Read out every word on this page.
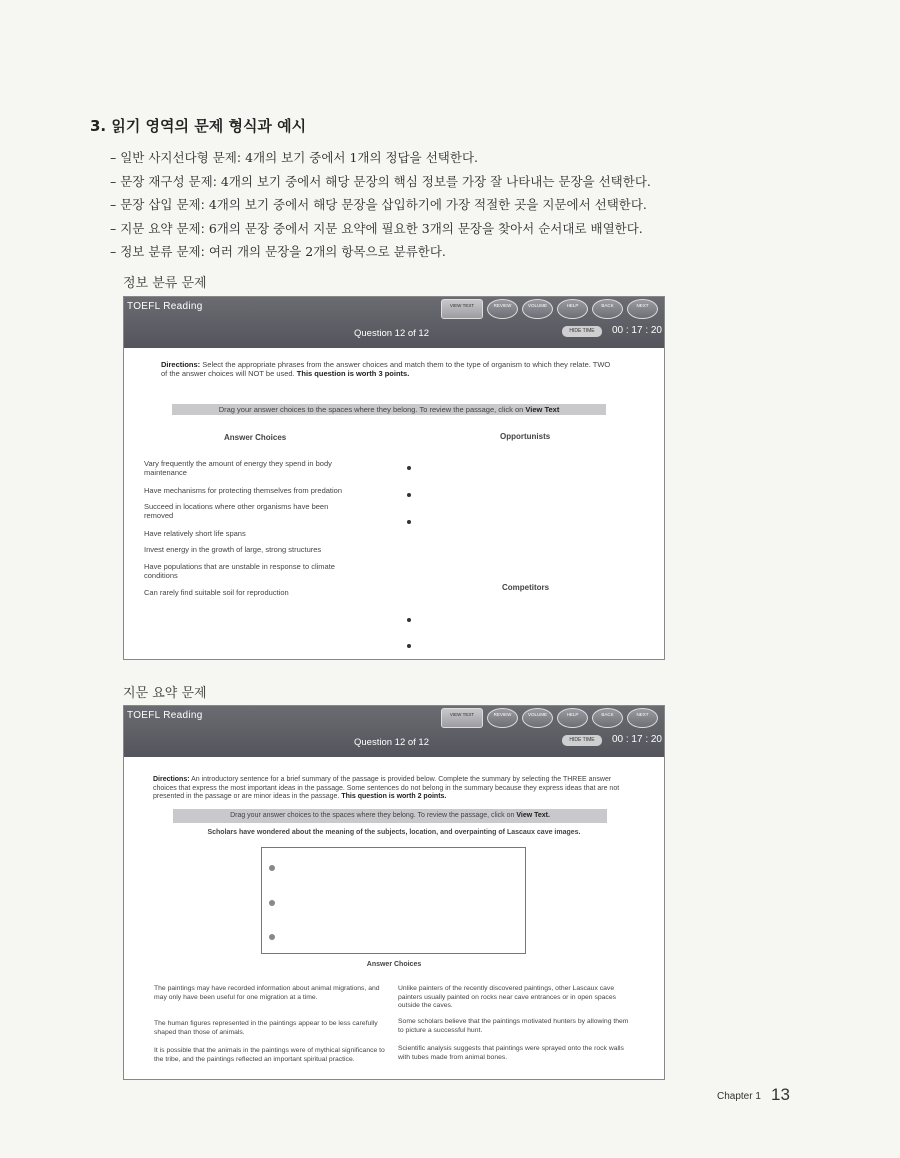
3. 읽기 영역의 문제 형식과 예시
– 일반 사지선다형 문제: 4개의 보기 중에서 1개의 정답을 선택한다.
– 문장 재구성 문제: 4개의 보기 중에서 해당 문장의 핵심 정보를 가장 잘 나타내는 문장을 선택한다.
– 문장 삽입 문제: 4개의 보기 중에서 해당 문장을 삽입하기에 가장 적절한 곳을 지문에서 선택한다.
– 지문 요약 문제: 6개의 문장 중에서 지문 요약에 필요한 3개의 문장을 찾아서 순서대로 배열한다.
– 정보 분류 문제: 여러 개의 문장을 2개의 항목으로 분류한다.
정보 분류 문제
TOEFL Reading	VIEW TEXT	REVIEW	VOLUME	HELP	BACK	NEXT
Question 12 of 12	HIDE TIME	00 : 17 : 20
Directions: Select the appropriate phrases from the answer choices and match them to the type of organism to which they relate. TWO of the answer choices will NOT be used. This question is worth 3 points.
Drag your answer choices to the spaces where they belong. To review the passage, click on View Text
Answer Choices	Opportunists
Competitors
Vary frequently the amount of energy they spend in body maintenance
Have mechanisms for protecting themselves from predation
Succeed in locations where other organisms have been removed
Have relatively short life spans
Invest energy in the growth of large, strong structures
Have populations that are unstable in response to climate conditions
Can rarely find suitable soil for reproduction
지문 요약 문제
TOEFL Reading	VIEW TEXT	REVIEW	VOLUME	HELP	BACK	NEXT
Question 12 of 12	HIDE TIME	00 : 17 : 20
Directions: An introductory sentence for a brief summary of the passage is provided below. Complete the summary by selecting the THREE answer choices that express the most important ideas in the passage. Some sentences do not belong in the summary because they express ideas that are not presented in the passage or are minor ideas in the passage. This question is worth 2 points.
Drag your answer choices to the spaces where they belong. To review the passage, click on View Text.
Scholars have wondered about the meaning of the subjects, location, and overpainting of Lascaux cave images.
Answer Choices
The paintings may have recorded information about animal migrations, and may only have been useful for one migration at a time.
Unlike painters of the recently discovered paintings, other Lascaux cave painters usually painted on rocks near cave entrances or in open spaces outside the caves.
The human figures represented in the paintings appear to be less carefully shaped than those of animals.
Some scholars believe that the paintings motivated hunters by allowing them to picture a successful hunt.
It is possible that the animals in the paintings were of mythical significance to the tribe, and the paintings reflected an important spiritual practice.
Scientific analysis suggests that paintings were sprayed onto the rock walls with tubes made from animal bones.
Chapter 1 13
